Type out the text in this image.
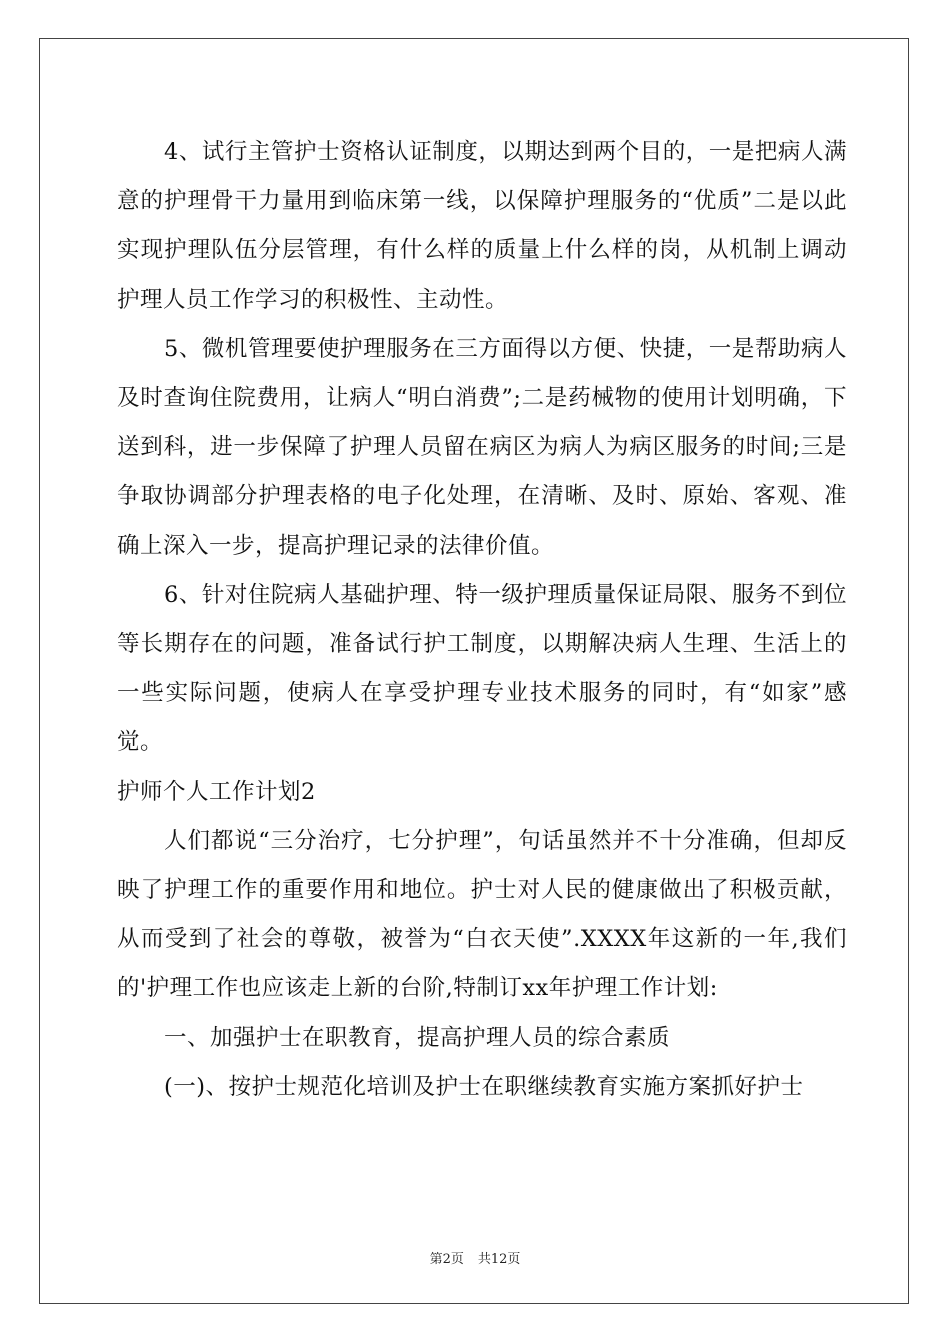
4、试行主管护士资格认证制度，以期达到两个目的，一是把病人满意的护理骨干力量用到临床第一线，以保障护理服务的“优质”二是以此实现护理队伍分层管理，有什么样的质量上什么样的岗，从机制上调动护理人员工作学习的积极性、主动性。

5、微机管理要使护理服务在三方面得以方便、快捷，一是帮助病人及时查询住院费用，让病人“明白消费”;二是药械物的使用计划明确，下送到科，进一步保障了护理人员留在病区为病人为病区服务的时间;三是争取协调部分护理表格的电子化处理，在清晰、及时、原始、客观、准确上深入一步，提高护理记录的法律价值。

6、针对住院病人基础护理、特一级护理质量保证局限、服务不到位等长期存在的问题，准备试行护工制度，以期解决病人生理、生活上的一些实际问题，使病人在享受护理专业技术服务的同时，有“如家”感觉。

护师个人工作计划2

人们都说“三分治疗，七分护理”，句话虽然并不十分准确，但却反映了护理工作的重要作用和地位。护士对人民的健康做出了积极贡献，从而受到了社会的尊敬，被誉为“白衣天使”.XXXX年这新的一年,我们的'护理工作也应该走上新的台阶,特制订xx年护理工作计划:

一、加强护士在职教育，提高护理人员的综合素质

(一)、按护士规范化培训及护士在职继续教育实施方案抓好护士

第2页 共12页
